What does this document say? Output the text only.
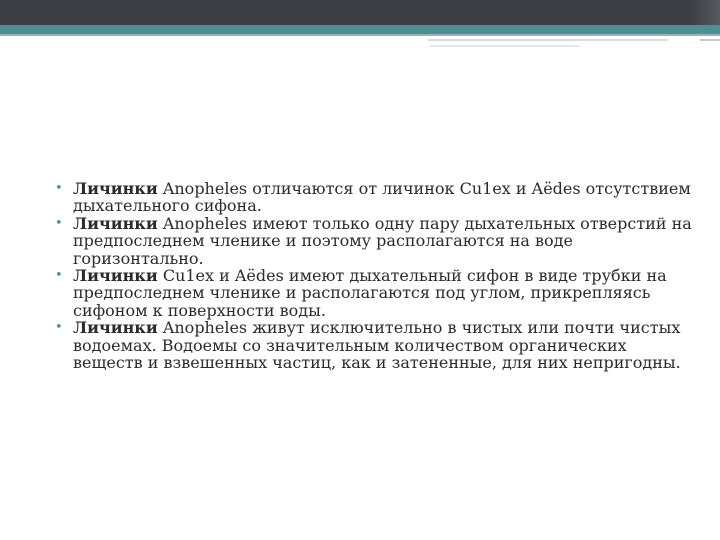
• Личинки Anopheles отличаются от личинок Cu1ex и Aёdes отсутствием дыхательного сифона.
• Личинки Anopheles имеют только одну пару дыхательных отверстий на предпоследнем членике и поэтому располагаются на воде горизонтально.
• Личинки Cu1ex и Aёdes имеют дыхательный сифон в виде трубки на предпоследнем членике и располагаются под углом, прикрепляясь сифоном к поверхности воды.
• Личинки Anopheles живут исключительно в чистых или почти чистых водоемах. Водоемы со значительным количеством органических веществ и взвешенных частиц, как и затененные, для них непригодны.
